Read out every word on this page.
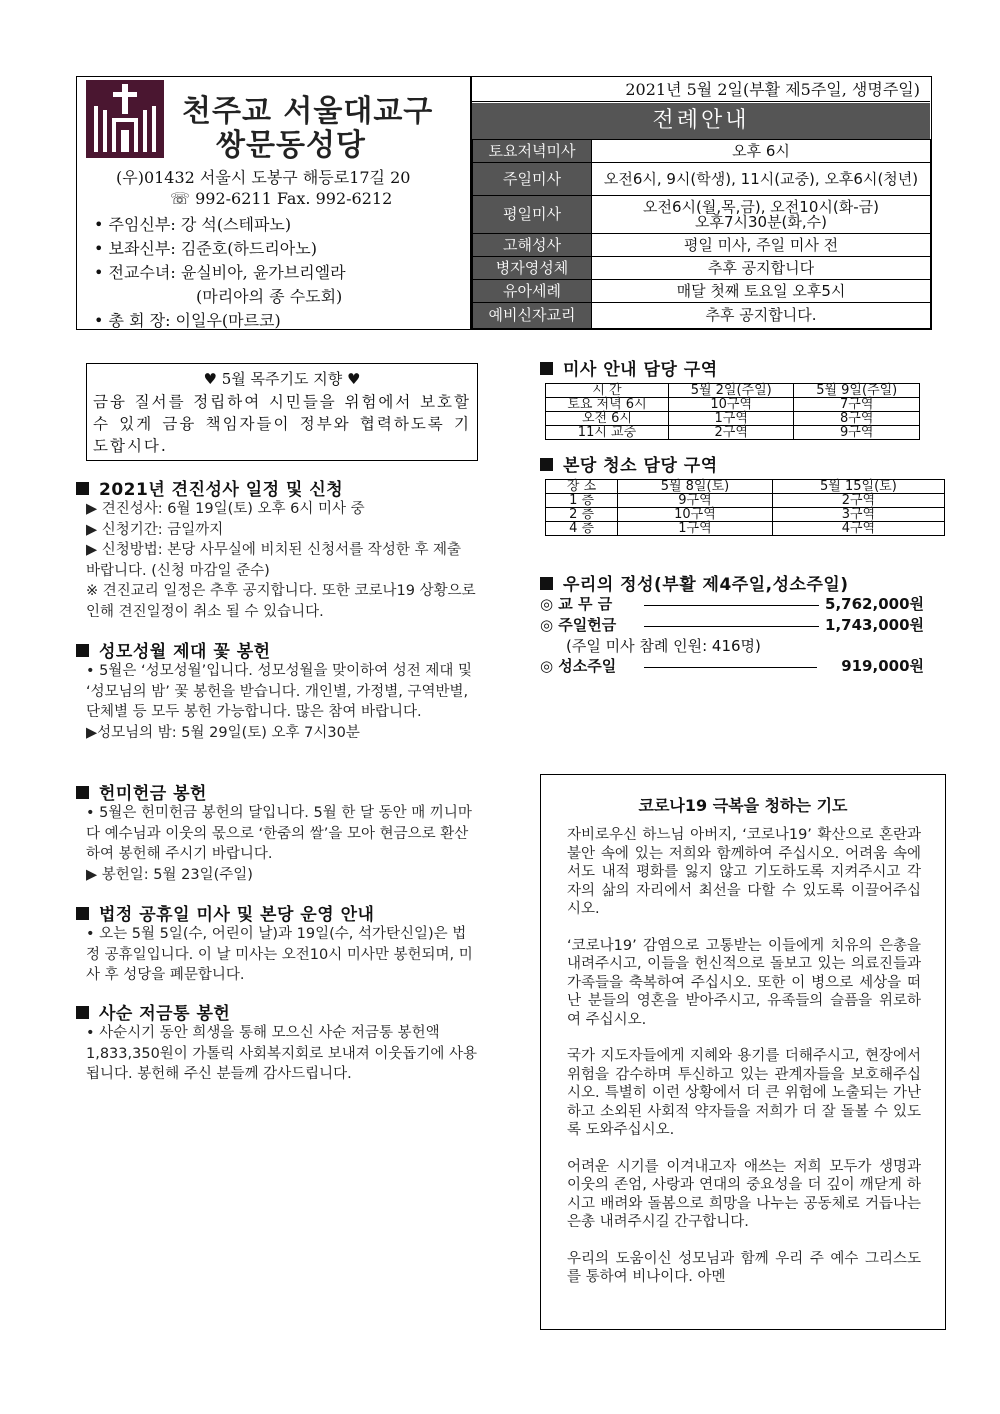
천주교 서울대교구
쌍문동성당
(우)01432 서울시 도봉구 해등로17길 20
☏ 992-6211 Fax. 992-6212
• 주임신부: 강 석(스테파노)
• 보좌신부: 김준호(하드리아노)
• 전교수녀: 윤실비아, 윤가브리엘라
(마리아의 종 수도회)
• 총 회 장: 이일우(마르코)
2021년 5월 2일(부활 제5주일, 생명주일)
전례안내
토요저녁미사	오후 6시
주일미사	오전6시, 9시(학생), 11시(교중), 오후6시(청년)
평일미사	오전6시(월,목,금), 오전10시(화-금)
오후7시30분(화,수)
고해성사	평일 미사, 주일 미사 전
병자영성체	추후 공지합니다
유아세례	매달 첫째 토요일 오후5시
예비신자교리	추후 공지합니다.
♥ 5월 목주기도 지향 ♥
금융 질서를 정립하여 시민들을 위험에서 보호할 수 있게 금융 책임자들이 정부와 협력하도록 기도합시다.
2021년 견진성사 일정 및 신청

▶ 견진성사: 6월 19일(토) 오후 6시 미사 중

▶ 신청기간: 금일까지

▶ 신청방법: 본당 사무실에 비치된 신청서를 작성한 후 제출 바랍니다. (신청 마감일 준수)

※ 견진교리 일정은 추후 공지합니다. 또한 코로나19 상황으로 인해 견진일정이 취소 될 수 있습니다.

성모성월 제대 꽃 봉헌

• 5월은 ‘성모성월’입니다. 성모성월을 맞이하여 성전 제대 및 ‘성모님의 밤’ 꽃 봉헌을 받습니다. 개인별, 가정별, 구역반별, 단체별 등 모두 봉헌 가능합니다. 많은 참여 바랍니다.

▶성모님의 밤: 5월 29일(토) 오후 7시30분

헌미헌금 봉헌

• 5월은 헌미헌금 봉헌의 달입니다. 5월 한 달 동안 매 끼니마다 예수님과 이웃의 몫으로 ‘한줌의 쌀’을 모아 현금으로 환산하여 봉헌해 주시기 바랍니다.

▶ 봉헌일: 5월 23일(주일)

법정 공휴일 미사 및 본당 운영 안내

• 오는 5월 5일(수, 어린이 날)과 19일(수, 석가탄신일)은 법정 공휴일입니다. 이 날 미사는 오전10시 미사만 봉헌되며, 미사 후 성당을 폐문합니다.

사순 저금통 봉헌

• 사순시기 동안 희생을 통해 모으신 사순 저금통 봉헌액 1,833,350원이 가톨릭 사회복지회로 보내져 이웃돕기에 사용됩니다. 봉헌해 주신 분들께 감사드립니다.

미사 안내 담당 구역
시 간	5월 2일(주일)	5월 9일(주일)
토요 저녁 6시	10구역	7구역
오전 6시	1구역	8구역
11시 교중	2구역	9구역
본당 청소 담당 구역
장 소	5월 8일(토)	5월 15일(토)
1 층	9구역	2구역
2 층	10구역	3구역
4 층	1구역	4구역
우리의 정성(부활 제4주일,성소주일)
◎ 교 무 금	5,762,000원
◎ 주일헌금	1,743,000원
(주일 미사 참례 인원: 416명)
◎ 성소주일	919,000원
코로나19 극복을 청하는 기도

자비로우신 하느님 아버지, ‘코로나19’ 확산으로 혼란과 불안 속에 있는 저희와 함께하여 주십시오. 어려움 속에서도 내적 평화를 잃지 않고 기도하도록 지켜주시고 각자의 삶의 자리에서 최선을 다할 수 있도록 이끌어주십시오.

‘코로나19’ 감염으로 고통받는 이들에게 치유의 은총을 내려주시고, 이들을 헌신적으로 돌보고 있는 의료진들과 가족들을 축복하여 주십시오. 또한 이 병으로 세상을 떠난 분들의 영혼을 받아주시고, 유족들의 슬픔을 위로하여 주십시오.

국가 지도자들에게 지혜와 용기를 더해주시고, 현장에서 위험을 감수하며 투신하고 있는 관계자들을 보호해주십시오. 특별히 이런 상황에서 더 큰 위험에 노출되는 가난하고 소외된 사회적 약자들을 저희가 더 잘 돌볼 수 있도록 도와주십시오.

어려운 시기를 이겨내고자 애쓰는 저희 모두가 생명과 이웃의 존엄, 사랑과 연대의 중요성을 더 깊이 깨닫게 하시고 배려와 돌봄으로 희망을 나누는 공동체로 거듭나는 은총 내려주시길 간구합니다.

우리의 도움이신 성모님과 함께 우리 주 예수 그리스도를 통하여 비나이다. 아멘
